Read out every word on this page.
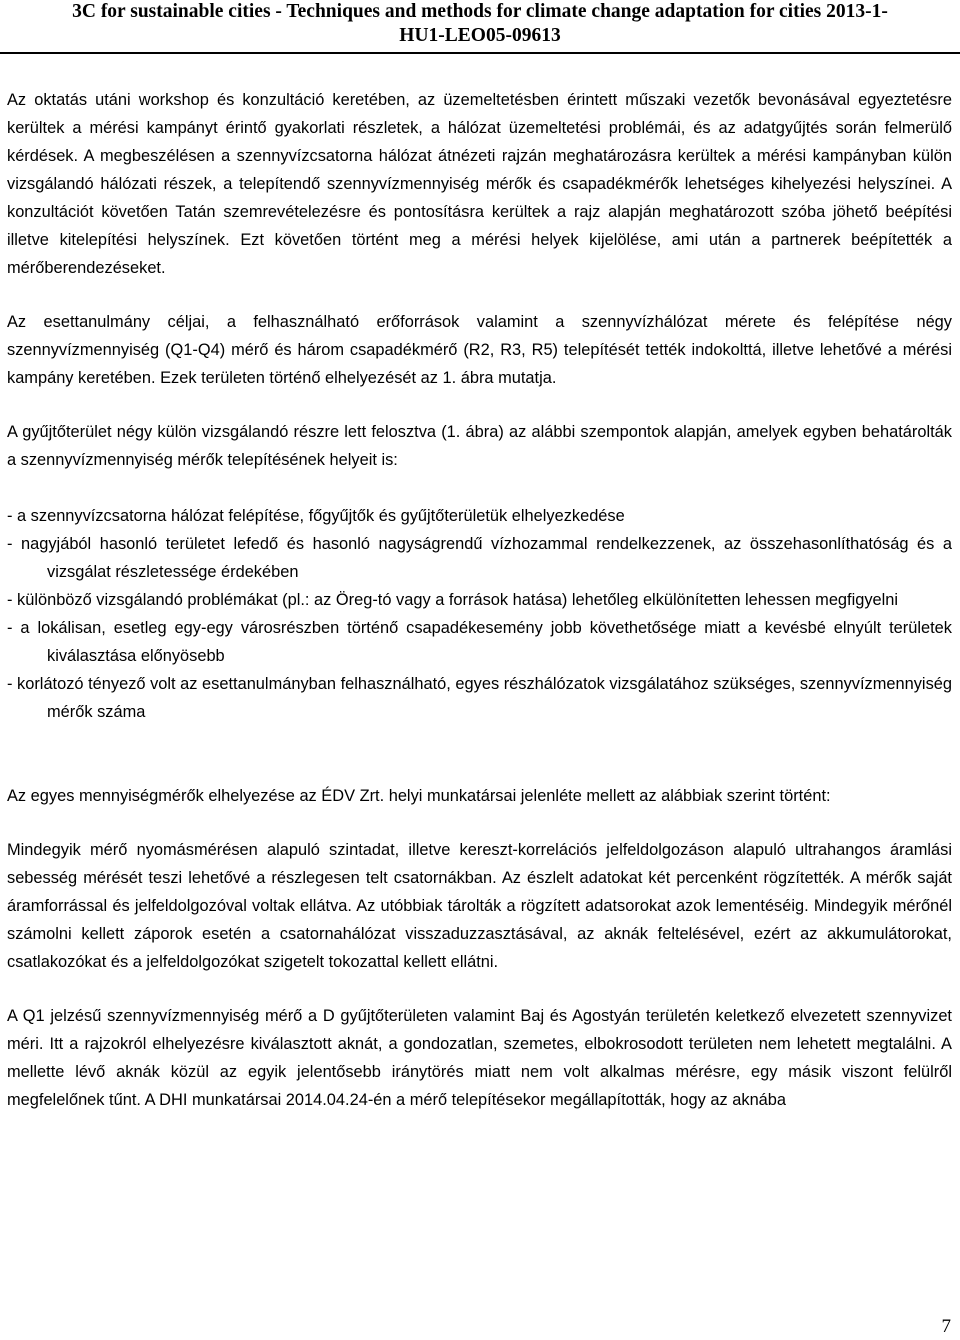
3C for sustainable cities - Techniques and methods for climate change adaptation for cities 2013-1-
HU1-LEO05-09613

Az oktatás utáni workshop és konzultáció keretében, az üzemeltetésben érintett műszaki vezetők bevonásával egyeztetésre kerültek a mérési kampányt érintő gyakorlati részletek, a hálózat üzemeltetési problémái, és az adatgyűjtés során felmerülő kérdések. A megbeszélésen a szennyvízcsatorna hálózat átnézeti rajzán meghatározásra kerültek a mérési kampányban külön vizsgálandó hálózati részek, a telepítendő szennyvízmennyiség mérők és csapadékmérők lehetséges kihelyezési helyszínei. A konzultációt követően Tatán szemrevételezésre és pontosításra kerültek a rajz alapján meghatározott szóba jöhető beépítési illetve kitelepítési helyszínek. Ezt követően történt meg a mérési helyek kijelölése, ami után a partnerek beépítették a mérőberendezéseket.

Az esettanulmány céljai, a felhasználható erőforrások valamint a szennyvízhálózat mérete és felépítése négy szennyvízmennyiség (Q1-Q4) mérő és három csapadékmérő (R2, R3, R5) telepítését tették indokolttá, illetve lehetővé a mérési kampány keretében. Ezek területen történő elhelyezését az 1. ábra mutatja.

A gyűjtőterület négy külön vizsgálandó részre lett felosztva (1. ábra) az alábbi szempontok alapján, amelyek egyben behatárolták a szennyvízmennyiség mérők telepítésének helyeit is:

- a szennyvízcsatorna hálózat felépítése, főgyűjtők és gyűjtőterületük elhelyezkedése
- nagyjából hasonló területet lefedő és hasonló nagyságrendű vízhozammal rendelkezzenek, az összehasonlíthatóság és a vizsgálat részletessége érdekében
- különböző vizsgálandó problémákat (pl.: az Öreg-tó vagy a források hatása) lehetőleg elkülönítetten lehessen megfigyelni
- a lokálisan, esetleg egy-egy városrészben történő csapadékesemény jobb követhetősége miatt a kevésbé elnyúlt területek kiválasztása előnyösebb
- korlátozó tényező volt az esettanulmányban felhasználható, egyes részhálózatok vizsgálatához szükséges, szennyvízmennyiség mérők száma

Az egyes mennyiségmérők elhelyezése az ÉDV Zrt. helyi munkatársai jelenléte mellett az alábbiak szerint történt:

Mindegyik mérő nyomásmérésen alapuló szintadat, illetve kereszt-korrelációs jelfeldolgozáson alapuló ultrahangos áramlási sebesség mérését teszi lehetővé a részlegesen telt csatornákban. Az észlelt adatokat két percenként rögzítették. A mérők saját áramforrással és jelfeldolgozóval voltak ellátva. Az utóbbiak tárolták a rögzített adatsorokat azok lementéséig. Mindegyik mérőnél számolni kellett záporok esetén a csatornahálózat visszaduzzasztásával, az aknák feltelésével, ezért az akkumulátorokat, csatlakozókat és a jelfeldolgozókat szigetelt tokozattal kellett ellátni.

A Q1 jelzésű szennyvízmennyiség mérő a D gyűjtőterületen valamint Baj és Agostyán területén keletkező elvezetett szennyvizet méri. Itt a rajzokról elhelyezésre kiválasztott aknát, a gondozatlan, szemetes, elbokrosodott területen nem lehetett megtalálni. A mellette lévő aknák közül az egyik jelentősebb iránytörés miatt nem volt alkalmas mérésre, egy másik viszont felülről megfelelőnek tűnt. A DHI munkatársai 2014.04.24-én a mérő telepítésekor megállapították, hogy az aknába

7
